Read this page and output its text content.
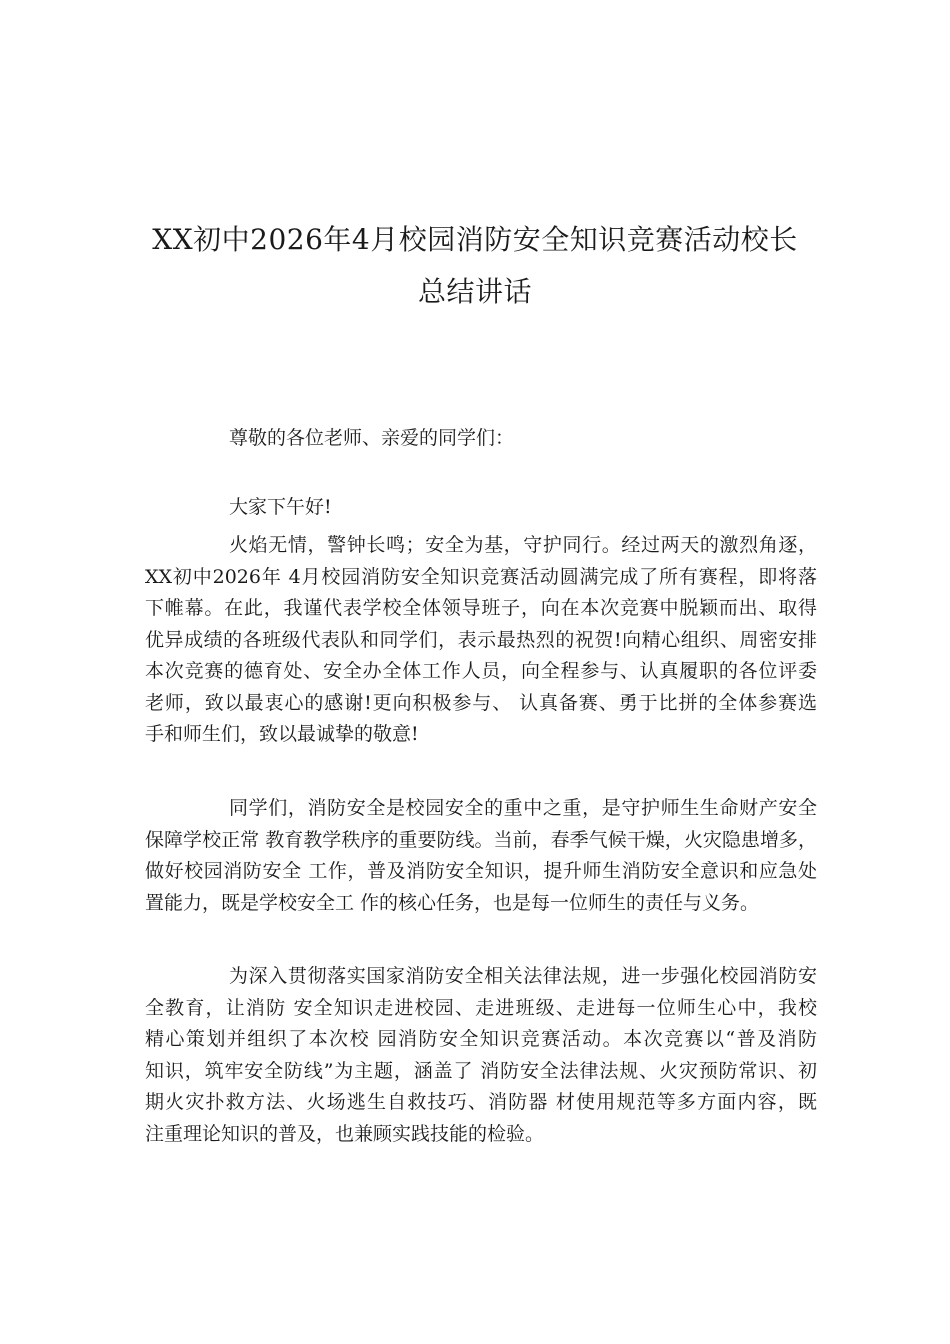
XX初中2026年4月校园消防安全知识竞赛活动校长
总结讲话
尊敬的各位老师、亲爱的同学们：
大家下午好!
火焰无情，警钟长鸣；安全为基，守护同行。经过两天的激烈角逐，
XX初中2026年 4月校园消防安全知识竞赛活动圆满完成了所有赛程，即将落
下帷幕。在此，我谨代表学校全体领导班子，向在本次竞赛中脱颖而出、取得
优异成绩的各班级代表队和同学们，表示最热烈的祝贺!向精心组织、周密安排
本次竞赛的德育处、安全办全体工作人员，向全程参与、认真履职的各位评委
老师，致以最衷心的感谢!更向积极参与、 认真备赛、勇于比拼的全体参赛选
手和师生们，致以最诚挚的敬意!
同学们，消防安全是校园安全的重中之重，是守护师生生命财产安全
保障学校正常 教育教学秩序的重要防线。当前，春季气候干燥，火灾隐患增多，
做好校园消防安全 工作，普及消防安全知识，提升师生消防安全意识和应急处
置能力，既是学校安全工 作的核心任务，也是每一位师生的责任与义务。
为深入贯彻落实国家消防安全相关法律法规，进一步强化校园消防安
全教育，让消防 安全知识走进校园、走进班级、走进每一位师生心中，我校
精心策划并组织了本次校 园消防安全知识竞赛活动。本次竞赛以“普及消防
知识，筑牢安全防线”为主题，涵盖了 消防安全法律法规、火灾预防常识、初
期火灾扑救方法、火场逃生自救技巧、消防器 材使用规范等多方面内容，既
注重理论知识的普及，也兼顾实践技能的检验。
